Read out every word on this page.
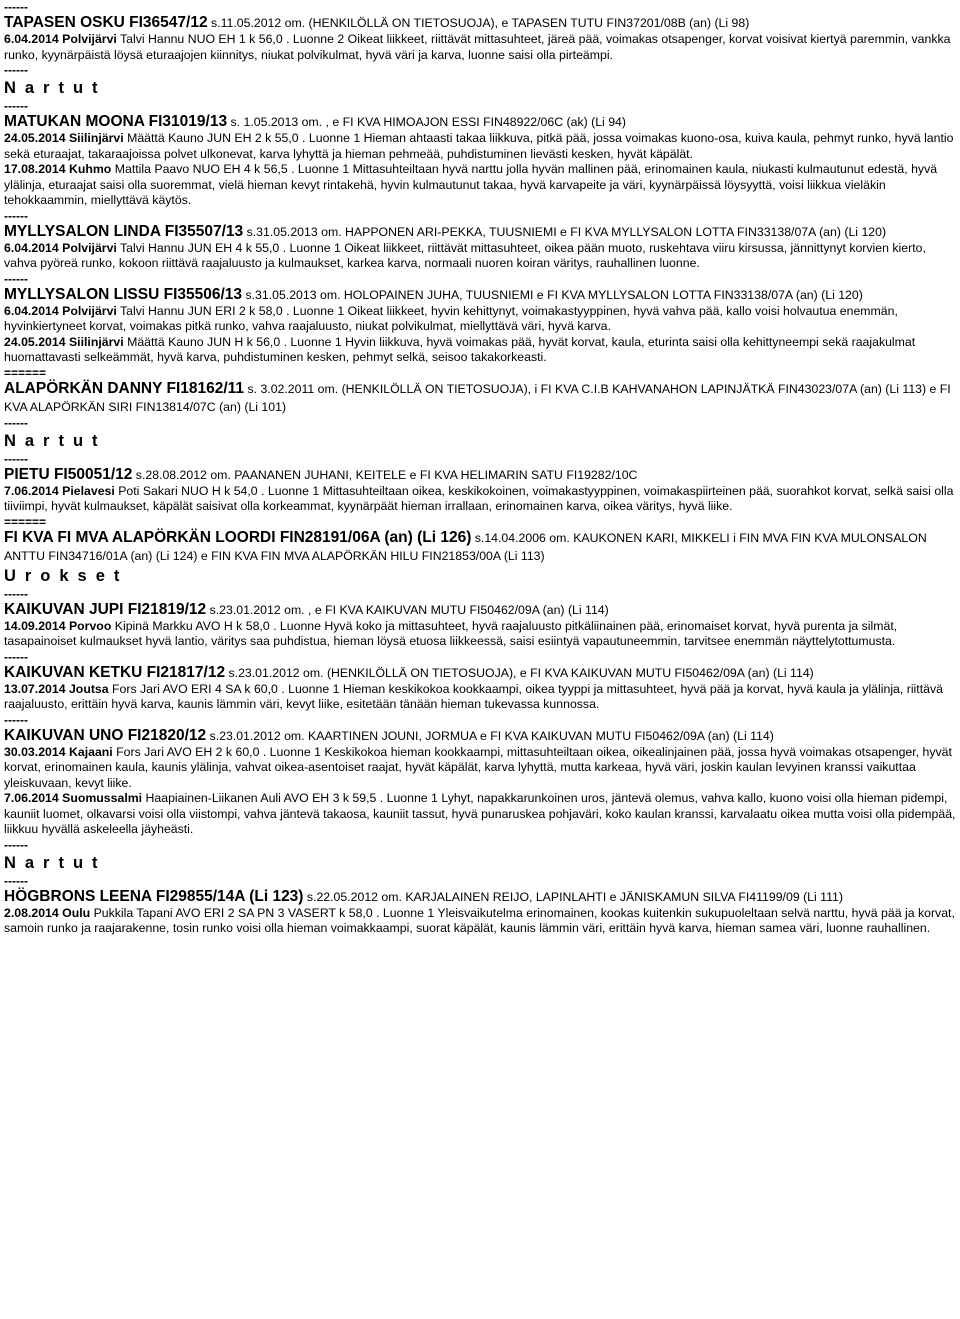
------
TAPASEN OSKU FI36547/12 s.11.05.2012 om. (HENKILÖLLÄ ON TIETOSUOJA), e TAPASEN TUTU FIN37201/08B (an) (Li 98)
6.04.2014 Polvijärvi Talvi Hannu NUO EH 1 k 56,0 . Luonne 2 Oikeat liikkeet, riittävät mittasuhteet, järeä pää, voimakas otsapenger, korvat voisivat kiertyä paremmin, vankka runko, kyynärpäistä löysä eturaajojen kiinnitys, niukat polvikulmat, hyvä väri ja karva, luonne saisi olla pirteämpi.
------
N a r t u t
------
MATUKAN MOONA FI31019/13 s. 1.05.2013 om. , e FI KVA HIMOAJON ESSI FIN48922/06C (ak) (Li 94)
24.05.2014 Siilinjärvi Määttä Kauno JUN EH 2 k 55,0 . Luonne 1 Hieman ahtaasti takaa liikkuva, pitkä pää, jossa voimakas kuono-osa, kuiva kaula, pehmyt runko, hyvä lantio sekä eturaajat, takaraajoissa polvet ulkonevat, karva lyhyttä ja hieman pehmeää, puhdistuminen lievästi kesken, hyvät käpälät.
17.08.2014 Kuhmo Mattila Paavo NUO EH 4 k 56,5 . Luonne 1 Mittasuhteiltaan hyvä narttu jolla hyvän mallinen pää, erinomainen kaula, niukasti kulmautunut edestä, hyvä ylälinja, eturaajat saisi olla suoremmat, vielä hieman kevyt rintakehä, hyvin kulmautunut takaa, hyvä karvapeite ja väri, kyynärpäissä löysyyttä, voisi liikkua vieläkin tehokkaammin, miellyttävä käytös.
------
MYLLYSALON LINDA FI35507/13 s.31.05.2013 om. HAPPONEN ARI-PEKKA, TUUSNIEMI e FI KVA MYLLYSALON LOTTA FIN33138/07A (an) (Li 120)
6.04.2014 Polvijärvi Talvi Hannu JUN EH 4 k 55,0 . Luonne 1 Oikeat liikkeet, riittävät mittasuhteet, oikea pään muoto, ruskehtava viiru kirsussa, jännittynyt korvien kierto, vahva pyöreä runko, kokoon riittävä raajaluusto ja kulmaukset, karkea karva, normaali nuoren koiran väritys, rauhallinen luonne.
------
MYLLYSALON LISSU FI35506/13 s.31.05.2013 om. HOLOPAINEN JUHA, TUUSNIEMI e FI KVA MYLLYSALON LOTTA FIN33138/07A (an) (Li 120)
6.04.2014 Polvijärvi Talvi Hannu JUN ERI 2 k 58,0 . Luonne 1 Oikeat liikkeet, hyvin kehittynyt, voimakastyyppinen, hyvä vahva pää, kallo voisi holvautua enemmän, hyvinkiertyneet korvat, voimakas pitkä runko, vahva raajaluusto, niukat polvikulmat, miellyttävä väri, hyvä karva.
24.05.2014 Siilinjärvi Määttä Kauno JUN H k 56,0 . Luonne 1 Hyvin liikkuva, hyvä voimakas pää, hyvät korvat, kaula, eturinta saisi olla kehittyneempi sekä raajakulmat huomattavasti selkeämmät, hyvä karva, puhdistuminen kesken, pehmyt selkä, seisoo takakorkeasti.
======
ALAPÖRKÄN DANNY FI18162/11 s. 3.02.2011 om. (HENKILÖLLÄ ON TIETOSUOJA), i FI KVA C.I.B KAHVANAHON LAPINJÄTKÄ FIN43023/07A (an) (Li 113) e FI KVA ALAPÖRKÄN SIRI FIN13814/07C (an) (Li 101)
------
N a r t u t
------
PIETU FI50051/12 s.28.08.2012 om. PAANANEN JUHANI, KEITELE e FI KVA HELIMARIN SATU FI19282/10C
7.06.2014 Pielavesi Poti Sakari NUO H k 54,0 . Luonne 1 Mittasuhteiltaan oikea, keskikokoinen, voimakastyyppinen, voimakaspiirteinen pää, suorahkot korvat, selkä saisi olla tiiviimpi, hyvät kulmaukset, käpälät saisivat olla korkeammat, kyynärpäät hieman irrallaan, erinomainen karva, oikea väritys, hyvä liike.
======
FI KVA FI MVA ALAPÖRKÄN LOORDI FIN28191/06A (an) (Li 126) s.14.04.2006 om. KAUKONEN KARI, MIKKELI i FIN MVA FIN KVA MULONSALON ANTTU FIN34716/01A (an) (Li 124) e FIN KVA FIN MVA ALAPÖRKÄN HILU FIN21853/00A (Li 113)
U r o k s e t
------
KAIKUVAN JUPI FI21819/12 s.23.01.2012 om. , e FI KVA KAIKUVAN MUTU FI50462/09A (an) (Li 114)
14.09.2014 Porvoo Kipinä Markku AVO H k 58,0 . Luonne Hyvä koko ja mittasuhteet, hyvä raajaluusto pitkäliinainen pää, erinomaiset korvat, hyvä purenta ja silmät, tasapainoiset kulmaukset hyvä lantio, väritys saa puhdistua, hieman löysä etuosa liikkeessä, saisi esiintyä vapautuneemmin, tarvitsee enemmän näyttelytottumusta.
------
KAIKUVAN KETKU FI21817/12 s.23.01.2012 om. (HENKILÖLLÄ ON TIETOSUOJA), e FI KVA KAIKUVAN MUTU FI50462/09A (an) (Li 114)
13.07.2014 Joutsa Fors Jari AVO ERI 4 SA k 60,0 . Luonne 1 Hieman keskikokoa kookkaampi, oikea tyyppi ja mittasuhteet, hyvä pää ja korvat, hyvä kaula ja ylälinja, riittävä raajaluusto, erittäin hyvä karva, kaunis lämmin väri, kevyt liike, esitetään tänään hieman tukevassa kunnossa.
------
KAIKUVAN UNO FI21820/12 s.23.01.2012 om. KAARTINEN JOUNI, JORMUA e FI KVA KAIKUVAN MUTU FI50462/09A (an) (Li 114)
30.03.2014 Kajaani Fors Jari AVO EH 2 k 60,0 . Luonne 1 Keskikokoa hieman kookkaampi, mittasuhteiltaan oikea, oikealinjainen pää, jossa hyvä voimakas otsapenger, hyvät korvat, erinomainen kaula, kaunis ylälinja, vahvat oikea-asentoiset raajat, hyvät käpälät, karva lyhyttä, mutta karkeaa, hyvä väri, joskin kaulan levyinen kranssi vaikuttaa yleiskuvaan, kevyt liike.
7.06.2014 Suomussalmi Haapiainen-Liikanen Auli AVO EH 3 k 59,5 . Luonne 1 Lyhyt, napakkarunkoinen uros, jäntevä olemus, vahva kallo, kuono voisi olla hieman pidempi, kauniit luomet, olkavarsi voisi olla viistompi, vahva jäntevä takaosa, kauniit tassut, hyvä punaruskea pohjaväri, koko kaulan kranssi, karvalaatu oikea mutta voisi olla pidempää, liikkuu hyvällä askeleella jäyheästi.
------
N a r t u t
------
HÖGBRONS LEENA FI29855/14A (Li 123) s.22.05.2012 om. KARJALAINEN REIJO, LAPINLAHTI e JÄNISKAMUN SILVA FI41199/09 (Li 111)
2.08.2014 Oulu Pukkila Tapani AVO ERI 2 SA PN 3 VASERT k 58,0 . Luonne 1 Yleisvaikutelma erinomainen, kookas kuitenkin sukupuoleltaan selvä narttu, hyvä pää ja korvat, samoin runko ja raajarakenne, tosin runko voisi olla hieman voimakkaampi, suorat käpälät, kaunis lämmin väri, erittäin hyvä karva, hieman samea väri, luonne rauhallinen.
